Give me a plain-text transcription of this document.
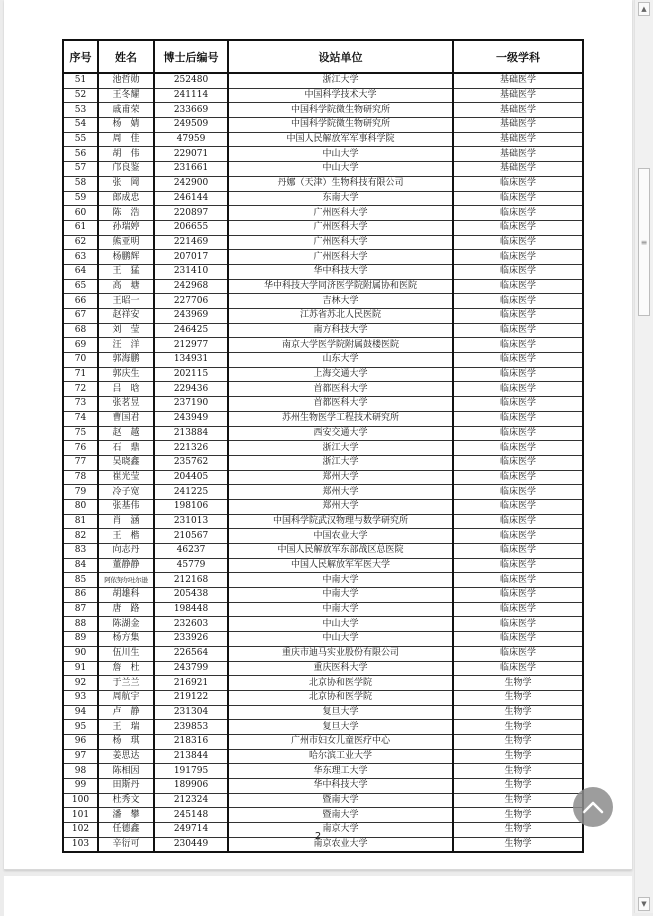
序号	姓名	博士后编号	设站单位	一级学科
51	池哲勋	252480	浙江大学	基础医学
52	王冬耀	241114	中国科学技术大学	基础医学
53	戚甫荣	233669	中国科学院微生物研究所	基础医学
54	杨　婧	249509	中国科学院微生物研究所	基础医学
55	周　佳	47959	中国人民解放军军事科学院	基础医学
56	胡　伟	229071	中山大学	基础医学
57	邝良鉴	231661	中山大学	基础医学
58	张　岡	242900	丹娜（天津）生物科技有限公司	临床医学
59	郎成忠	246144	东南大学	临床医学
60	陈　浩	220897	广州医科大学	临床医学
61	孙瑞婷	206655	广州医科大学	临床医学
62	熊亚明	221469	广州医科大学	临床医学
63	杨鹏辉	207017	广州医科大学	临床医学
64	王　猛	231410	华中科技大学	临床医学
65	高　塘	242968	华中科技大学同济医学院附属协和医院	临床医学
66	王昭一	227706	吉林大学	临床医学
67	赵祥安	243969	江苏省苏北人民医院	临床医学
68	刘　莹	246425	南方科技大学	临床医学
69	汪　洋	212977	南京大学医学院附属鼓楼医院	临床医学
70	郭海鹏	134931	山东大学	临床医学
71	郭庆生	202115	上海交通大学	临床医学
72	吕　晗	229436	首都医科大学	临床医学
73	张茗昱	237190	首都医科大学	临床医学
74	曹国君	243949	苏州生物医学工程技术研究所	临床医学
75	赵　越	213884	西安交通大学	临床医学
76	石　鼎	221326	浙江大学	临床医学
77	吴晓鑫	235762	浙江大学	临床医学
78	崔光莹	204405	郑州大学	临床医学
79	冷子宽	241225	郑州大学	临床医学
80	张基伟	198106	郑州大学	临床医学
81	肖　涵	231013	中国科学院武汉物理与数学研究所	临床医学
82	王　楷	210567	中国农业大学	临床医学
83	向志丹	46237	中国人民解放军东部战区总医院	临床医学
84	董静静	45779	中国人民解放军军医大学	临床医学
85	阿依努尔吐尔逊	212168	中南大学	临床医学
86	胡雄科	205438	中南大学	临床医学
87	唐　路	198448	中南大学	临床医学
88	陈湖金	232603	中山大学	临床医学
89	杨方集	233926	中山大学	临床医学
90	伍川生	226564	重庆市迪马实业股份有限公司	临床医学
91	詹　杜	243799	重庆医科大学	临床医学
92	于兰兰	216921	北京协和医学院	生物学
93	周航宇	219122	北京协和医学院	生物学
94	卢　静	231304	复旦大学	生物学
95	王　瑞	239853	复旦大学	生物学
96	杨　琪	218316	广州市妇女儿童医疗中心	生物学
97	姜思达	213844	哈尔滨工业大学	生物学
98	陈相因	191795	华东理工大学	生物学
99	田斯丹	189906	华中科技大学	生物学
100	杜秀文	212324	暨南大学	生物学
101	潘　攀	245148	暨南大学	生物学
102	任德鑫	249714	南京大学	生物学
103	辛衍可	230449	南京农业大学	生物学
2
▲
≡
▼
